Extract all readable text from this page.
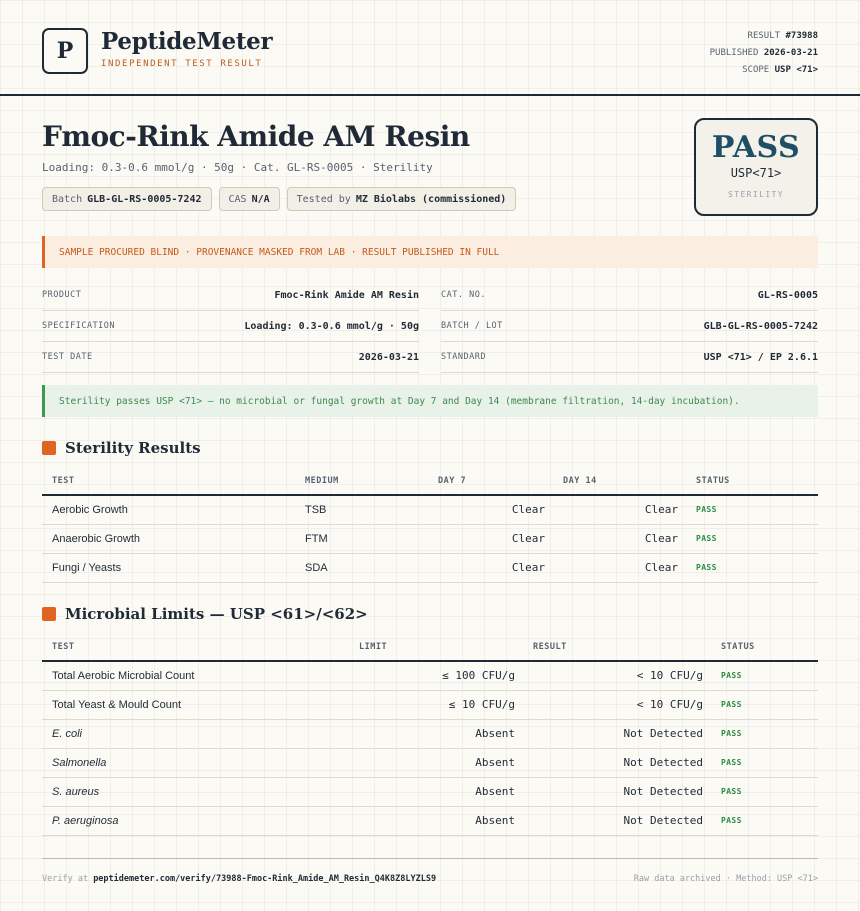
P	PeptideMeter
INDEPENDENT TEST RESULT
RESULT #73988
PUBLISHED 2026-03-21
SCOPE USP <71>
Fmoc-Rink Amide AM Resin
Loading: 0.3-0.6 mmol/g · 50g · Cat. GL-RS-0005 · Sterility
Batch GLB-GL-RS-0005-7242	CAS N/A	Tested by MZ Biolabs (commissioned)
PASS
USP<71>
STERILITY
SAMPLE PROCURED BLIND · PROVENANCE MASKED FROM LAB · RESULT PUBLISHED IN FULL
PRODUCT	Fmoc-Rink Amide AM Resin	CAT. NO.	GL-RS-0005
SPECIFICATION	Loading: 0.3-0.6 mmol/g · 50g	BATCH / LOT	GLB-GL-RS-0005-7242
TEST DATE	2026-03-21	STANDARD	USP <71> / EP 2.6.1
Sterility passes USP <71> — no microbial or fungal growth at Day 7 and Day 14 (membrane filtration, 14-day incubation).
Sterility Results
TEST	MEDIUM	DAY 7	DAY 14	STATUS
Aerobic Growth	TSB	Clear	Clear	PASS
Anaerobic Growth	FTM	Clear	Clear	PASS
Fungi / Yeasts	SDA	Clear	Clear	PASS
Microbial Limits — USP <61>/<62>
TEST	LIMIT	RESULT	STATUS
Total Aerobic Microbial Count	≤ 100 CFU/g	< 10 CFU/g	PASS
Total Yeast & Mould Count	≤ 10 CFU/g	< 10 CFU/g	PASS
E. coli	Absent	Not Detected	PASS
Salmonella	Absent	Not Detected	PASS
S. aureus	Absent	Not Detected	PASS
P. aeruginosa	Absent	Not Detected	PASS
Verify at peptidemeter.com/verify/73988-Fmoc-Rink_Amide_AM_Resin_Q4K8Z8LYZLS9	Raw data archived · Method: USP <71>
